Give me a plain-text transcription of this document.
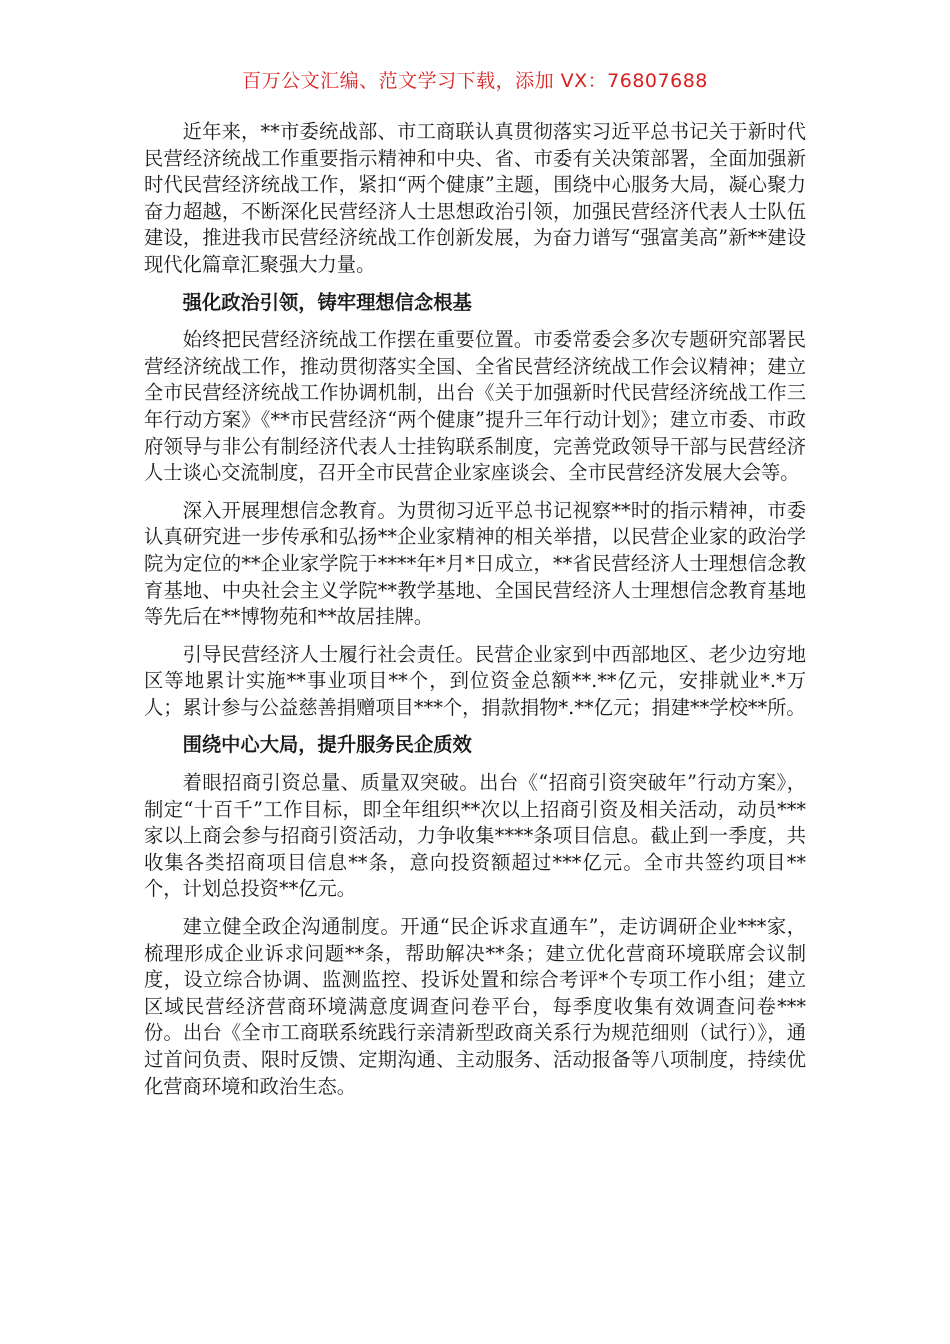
百万公文汇编、范文学习下载，添加 VX：76807688

近年来，**市委统战部、市工商联认真贯彻落实习近平总书记关于新时代民营经济统战工作重要指示精神和中央、省、市委有关决策部署，全面加强新时代民营经济统战工作，紧扣“两个健康”主题，围绕中心服务大局，凝心聚力奋力超越，不断深化民营经济人士思想政治引领，加强民营经济代表人士队伍建设，推进我市民营经济统战工作创新发展，为奋力谱写“强富美高”新**建设现代化篇章汇聚强大力量。

强化政治引领，铸牢理想信念根基

始终把民营经济统战工作摆在重要位置。市委常委会多次专题研究部署民营经济统战工作，推动贯彻落实全国、全省民营经济统战工作会议精神；建立全市民营经济统战工作协调机制，出台《关于加强新时代民营经济统战工作三年行动方案》《**市民营经济“两个健康”提升三年行动计划》；建立市委、市政府领导与非公有制经济代表人士挂钩联系制度，完善党政领导干部与民营经济人士谈心交流制度，召开全市民营企业家座谈会、全市民营经济发展大会等。

深入开展理想信念教育。为贯彻习近平总书记视察**时的指示精神，市委认真研究进一步传承和弘扬**企业家精神的相关举措，以民营企业家的政治学院为定位的**企业家学院于****年*月*日成立，**省民营经济人士理想信念教育基地、中央社会主义学院**教学基地、全国民营经济人士理想信念教育基地等先后在**博物苑和**故居挂牌。

引导民营经济人士履行社会责任。民营企业家到中西部地区、老少边穷地区等地累计实施**事业项目**个，到位资金总额**.**亿元，安排就业*.*万人；累计参与公益慈善捐赠项目***个，捐款捐物*.**亿元；捐建**学校**所。

围绕中心大局，提升服务民企质效

着眼招商引资总量、质量双突破。出台《“招商引资突破年”行动方案》，制定“十百千”工作目标，即全年组织**次以上招商引资及相关活动，动员***家以上商会参与招商引资活动，力争收集****条项目信息。截止到一季度，共收集各类招商项目信息**条，意向投资额超过***亿元。全市共签约项目**个，计划总投资**亿元。

建立健全政企沟通制度。开通“民企诉求直通车”，走访调研企业***家，梳理形成企业诉求问题**条，帮助解决**条；建立优化营商环境联席会议制度，设立综合协调、监测监控、投诉处置和综合考评*个专项工作小组；建立区域民营经济营商环境满意度调查问卷平台，每季度收集有效调查问卷***份。出台《全市工商联系统践行亲清新型政商关系行为规范细则（试行）》，通过首问负责、限时反馈、定期沟通、主动服务、活动报备等八项制度，持续优化营商环境和政治生态。
